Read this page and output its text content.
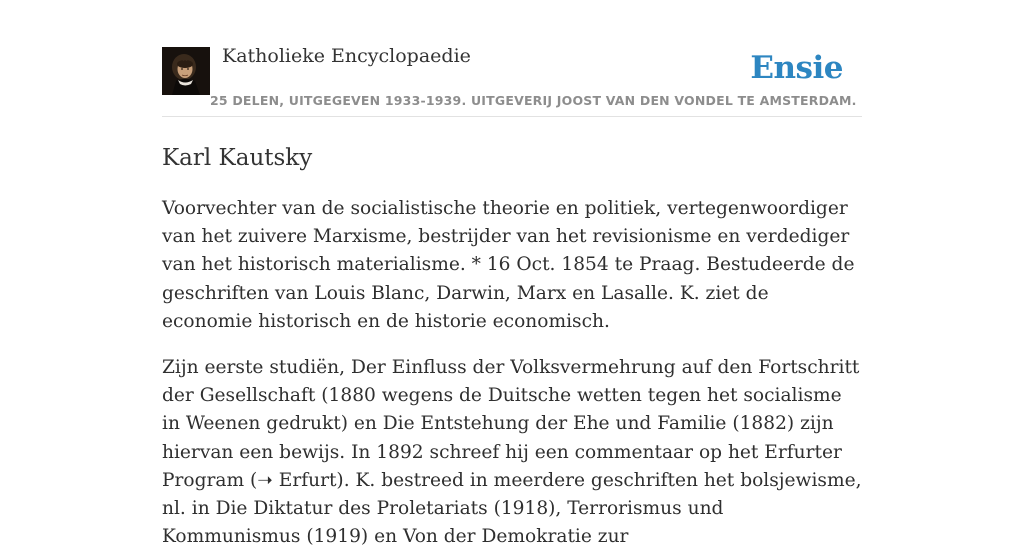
Katholieke Encyclopaedie	Ensie
25 DELEN, UITGEGEVEN 1933-1939. UITGEVERIJ JOOST VAN DEN VONDEL TE AMSTERDAM.
Karl Kautsky

Voorvechter van de socialistische theorie en politiek, vertegenwoordiger van het zuivere Marxisme, bestrijder van het revisionisme en verdediger van het historisch materialisme. * 16 Oct. 1854 te Praag. Bestudeerde de geschriften van Louis Blanc, Darwin, Marx en Lasalle. K. ziet de economie historisch en de historie economisch.

Zijn eerste studiën, Der Einfluss der Volksvermehrung auf den Fortschritt der Gesellschaft (1880 wegens de Duitsche wetten tegen het socialisme in Weenen gedrukt) en Die Entstehung der Ehe und Familie (1882) zijn hiervan een bewijs. In 1892 schreef hij een commentaar op het Erfurter Program (➝ Erfurt). K. bestreed in meerdere geschriften het bolsjewisme, nl. in Die Diktatur des Proletariats (1918), Terrorismus und Kommunismus (1919) en Von der Demokratie zur
